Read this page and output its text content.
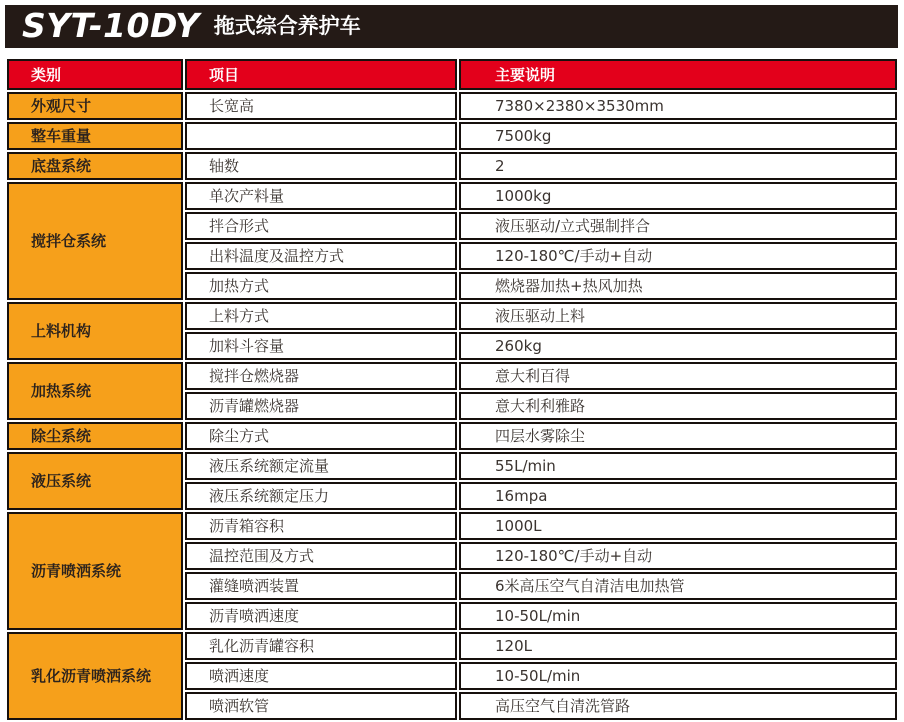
SYT-10DY 拖式综合养护车
类别	项目	主要说明
外观尺寸	长宽高	7380×2380×3530mm
整车重量		7500kg
底盘系统	轴数	2
搅拌仓系统	单次产料量	1000kg
	拌合形式	液压驱动/立式强制拌合
	出料温度及温控方式	120-180℃/手动+自动
	加热方式	燃烧器加热+热风加热
上料机构	上料方式	液压驱动上料
	加料斗容量	260kg
加热系统	搅拌仓燃烧器	意大利百得
	沥青罐燃烧器	意大利利雅路
除尘系统	除尘方式	四层水雾除尘
液压系统	液压系统额定流量	55L/min
	液压系统额定压力	16mpa
沥青喷洒系统	沥青箱容积	1000L
	温控范围及方式	120-180℃/手动+自动
	灌缝喷洒装置	6米高压空气自清洁电加热管
	沥青喷洒速度	10-50L/min
乳化沥青喷洒系统	乳化沥青罐容积	120L
	喷洒速度	10-50L/min
	喷洒软管	高压空气自清洗管路
